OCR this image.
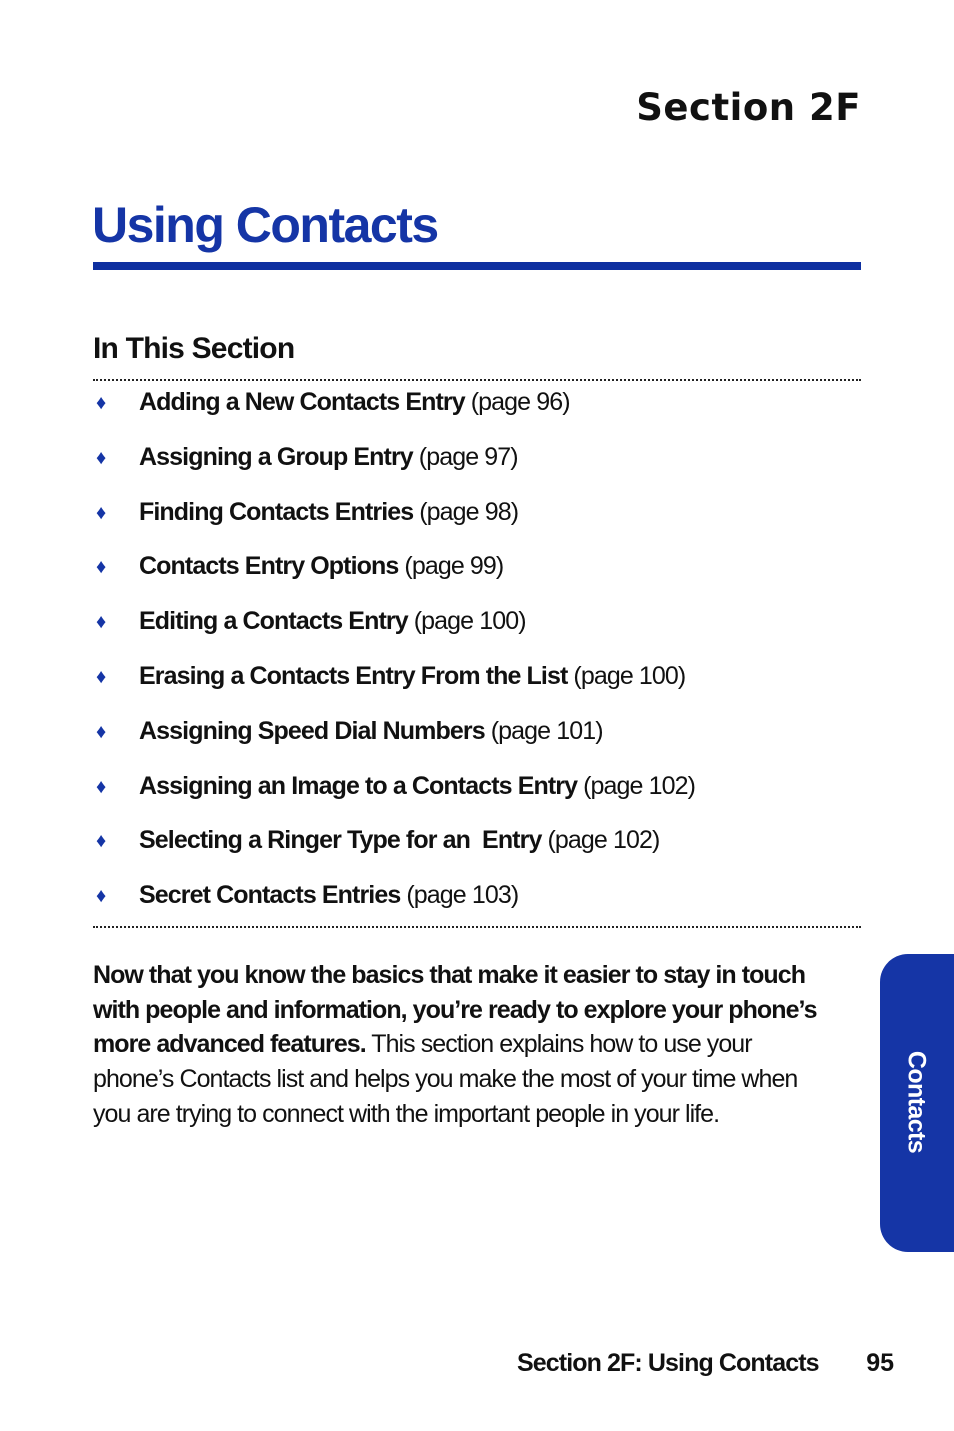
Section 2F
Using Contacts
In This Section
♦	Adding a New Contacts Entry (page 96)
♦	Assigning a Group Entry (page 97)
♦	Finding Contacts Entries (page 98)
♦	Contacts Entry Options (page 99)
♦	Editing a Contacts Entry (page 100)
♦	Erasing a Contacts Entry From the List (page 100)
♦	Assigning Speed Dial Numbers (page 101)
♦	Assigning an Image to a Contacts Entry (page 102)
♦	Selecting a Ringer Type for an  Entry (page 102)
♦	Secret Contacts Entries (page 103)

Now that you know the basics that make it easier to stay in touch with people and information, you’re ready to explore your phone’s more advanced features. This section explains how to use your phone’s Contacts list and helps you make the most of your time when you are trying to connect with the important people in your life.	Contacts
Section 2F: Using Contacts 95
